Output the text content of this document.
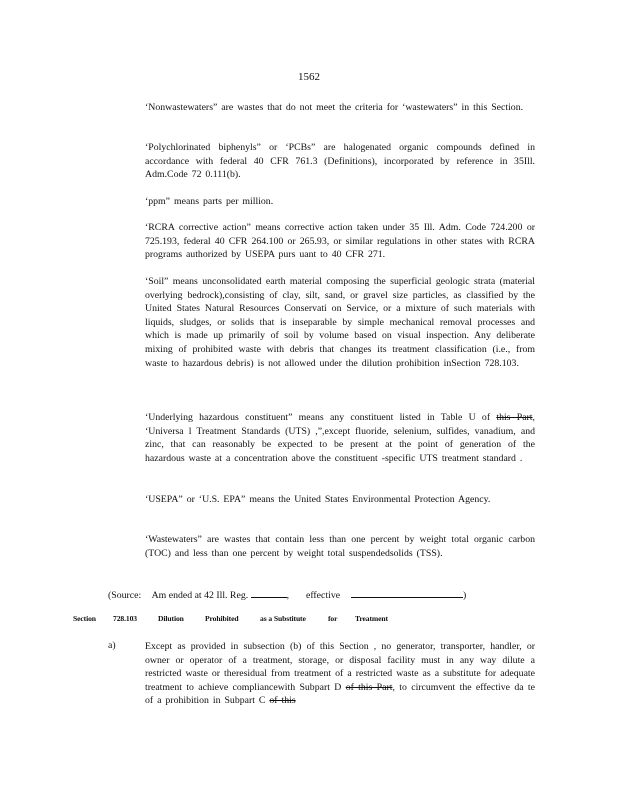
1562
‘Nonwastewaters” are wastes that do not meet the criteria for ‘wastewaters” in this Section.
‘Polychlorinated biphenyls” or ‘PCBs” are halogenated organic compounds defined in accordance with federal 40 CFR 761.3 (Definitions), incorporated by reference in 35Ill. Adm.Code 72 0.111(b).
‘ppm” means parts per million.
‘RCRA corrective action” means corrective action taken under 35 Ill. Adm. Code 724.200 or 725.193, federal 40 CFR 264.100 or 265.93, or similar regulations in other states with RCRA programs authorized by USEPA purs uant to 40 CFR 271.
‘Soil” means unconsolidated earth material composing the superficial geologic strata (material overlying bedrock),consisting of clay, silt, sand, or gravel size particles, as classified by the United States Natural Resources Conservati on Service, or a mixture of such materials with liquids, sludges, or solids that is inseparable by simple mechanical removal processes and which is made up primarily of soil by volume based on visual inspection. Any deliberate mixing of prohibited waste with debris that changes its treatment classification (i.e., from waste to hazardous debris) is not allowed under the dilution prohibition inSection 728.103.
‘Underlying hazardous constituent” means any constituent listed in Table U of this Part, ‘Universa l Treatment Standards (UTS) ,”,except fluoride, selenium, sulfides, vanadium, and zinc, that can reasonably be expected to be present at the point of generation of the hazardous waste at a concentration above the constituent -specific UTS treatment standard .
‘USEPA” or ‘U.S. EPA” means the United States Environmental Protection Agency.
‘Wastewaters” are wastes that contain less than one percent by weight total organic carbon (TOC) and less than one percent by weight total suspendedsolids (TSS).
(Source: Am ended at 42 Ill. Reg.	, effective	)
Section 728.103	Dilution	Prohibited	as a Substitute	for Treatment
a)	Except as provided in subsection (b) of this Section , no generator, transporter, handler, or owner or operator of a treatment, storage, or disposal facility must in any way dilute a restricted waste or theresidual from treatment of a restricted waste as a substitute for adequate treatment to achieve compliancewith Subpart D of this Part, to circumvent the effective da te of a prohibition in Subpart C of this
